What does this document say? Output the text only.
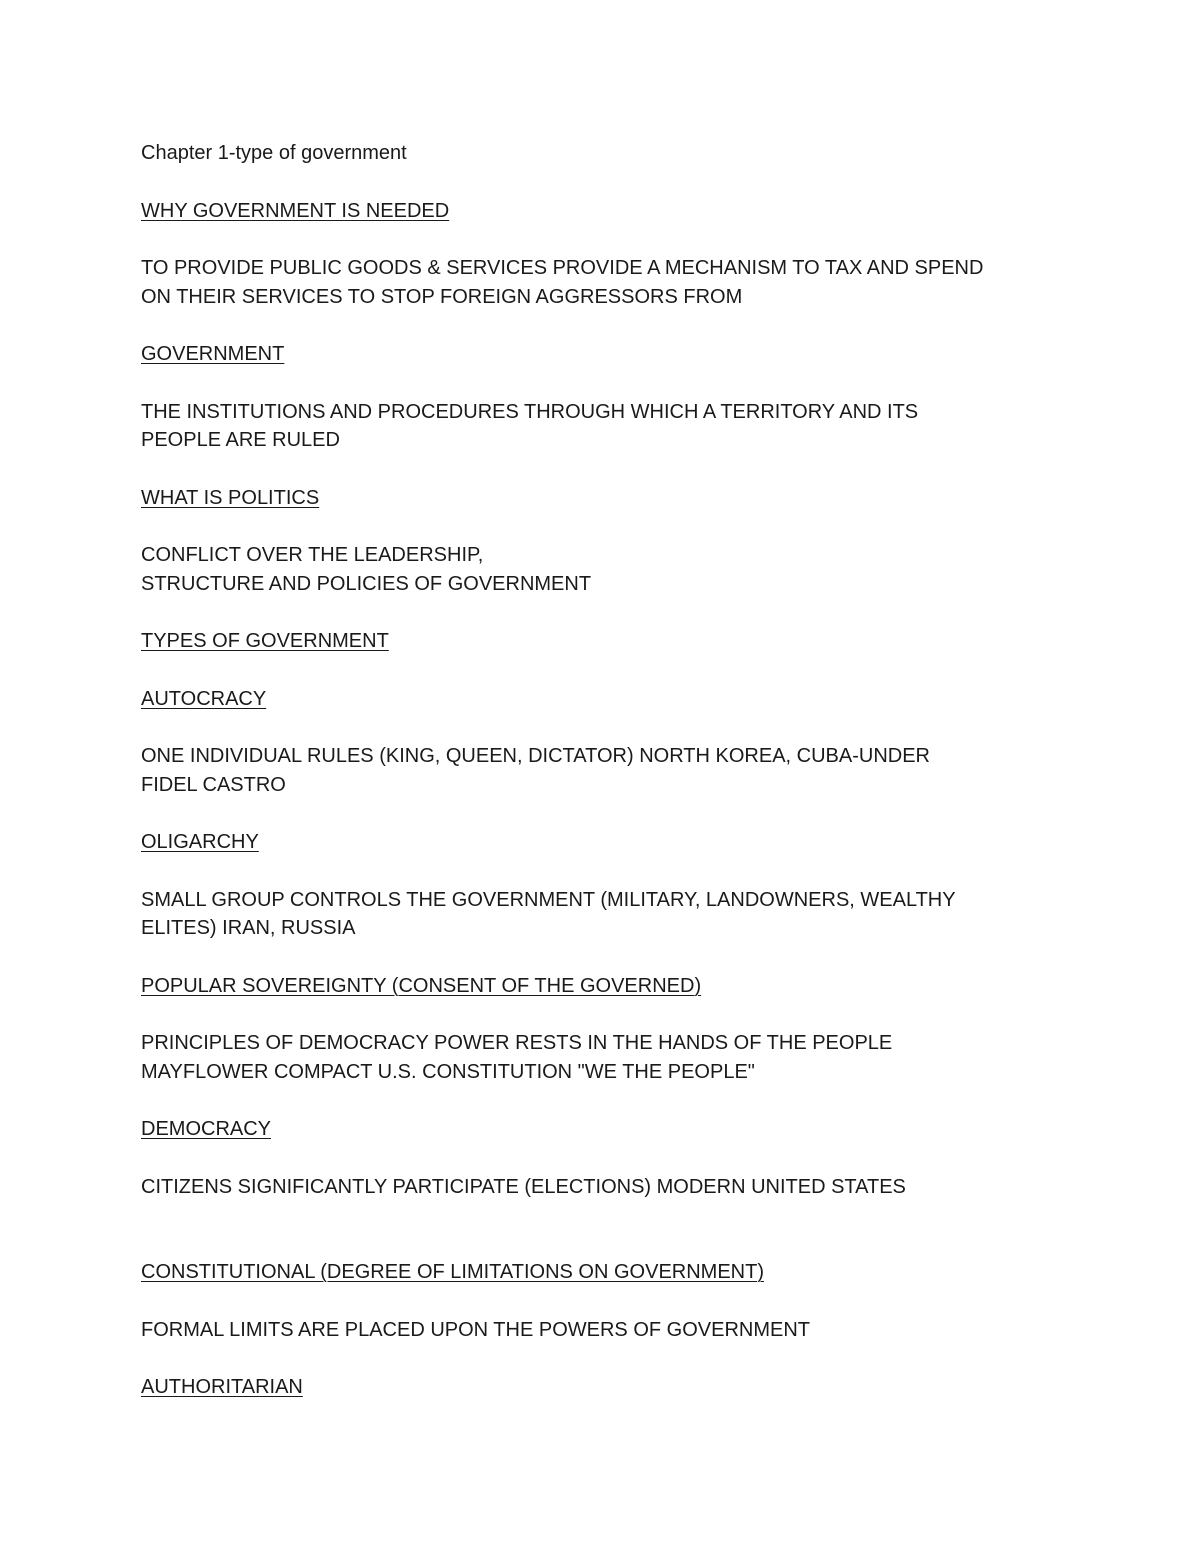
Chapter 1-type of government

WHY GOVERNMENT IS NEEDED

TO PROVIDE PUBLIC GOODS & SERVICES PROVIDE A MECHANISM TO TAX AND SPEND

ON THEIR SERVICES TO STOP FOREIGN AGGRESSORS FROM

GOVERNMENT

THE INSTITUTIONS AND PROCEDURES THROUGH WHICH A TERRITORY AND ITS

PEOPLE ARE RULED

WHAT IS POLITICS

CONFLICT OVER THE LEADERSHIP,

STRUCTURE AND POLICIES OF GOVERNMENT

TYPES OF GOVERNMENT

AUTOCRACY

ONE INDIVIDUAL RULES (KING, QUEEN, DICTATOR) NORTH KOREA, CUBA-UNDER

FIDEL CASTRO

OLIGARCHY

SMALL GROUP CONTROLS THE GOVERNMENT (MILITARY, LANDOWNERS, WEALTHY

ELITES) IRAN, RUSSIA

POPULAR SOVEREIGNTY (CONSENT OF THE GOVERNED)

PRINCIPLES OF DEMOCRACY POWER RESTS IN THE HANDS OF THE PEOPLE

MAYFLOWER COMPACT U.S. CONSTITUTION "WE THE PEOPLE"

DEMOCRACY

CITIZENS SIGNIFICANTLY PARTICIPATE (ELECTIONS) MODERN UNITED STATES

CONSTITUTIONAL (DEGREE OF LIMITATIONS ON GOVERNMENT)

FORMAL LIMITS ARE PLACED UPON THE POWERS OF GOVERNMENT

AUTHORITARIAN
